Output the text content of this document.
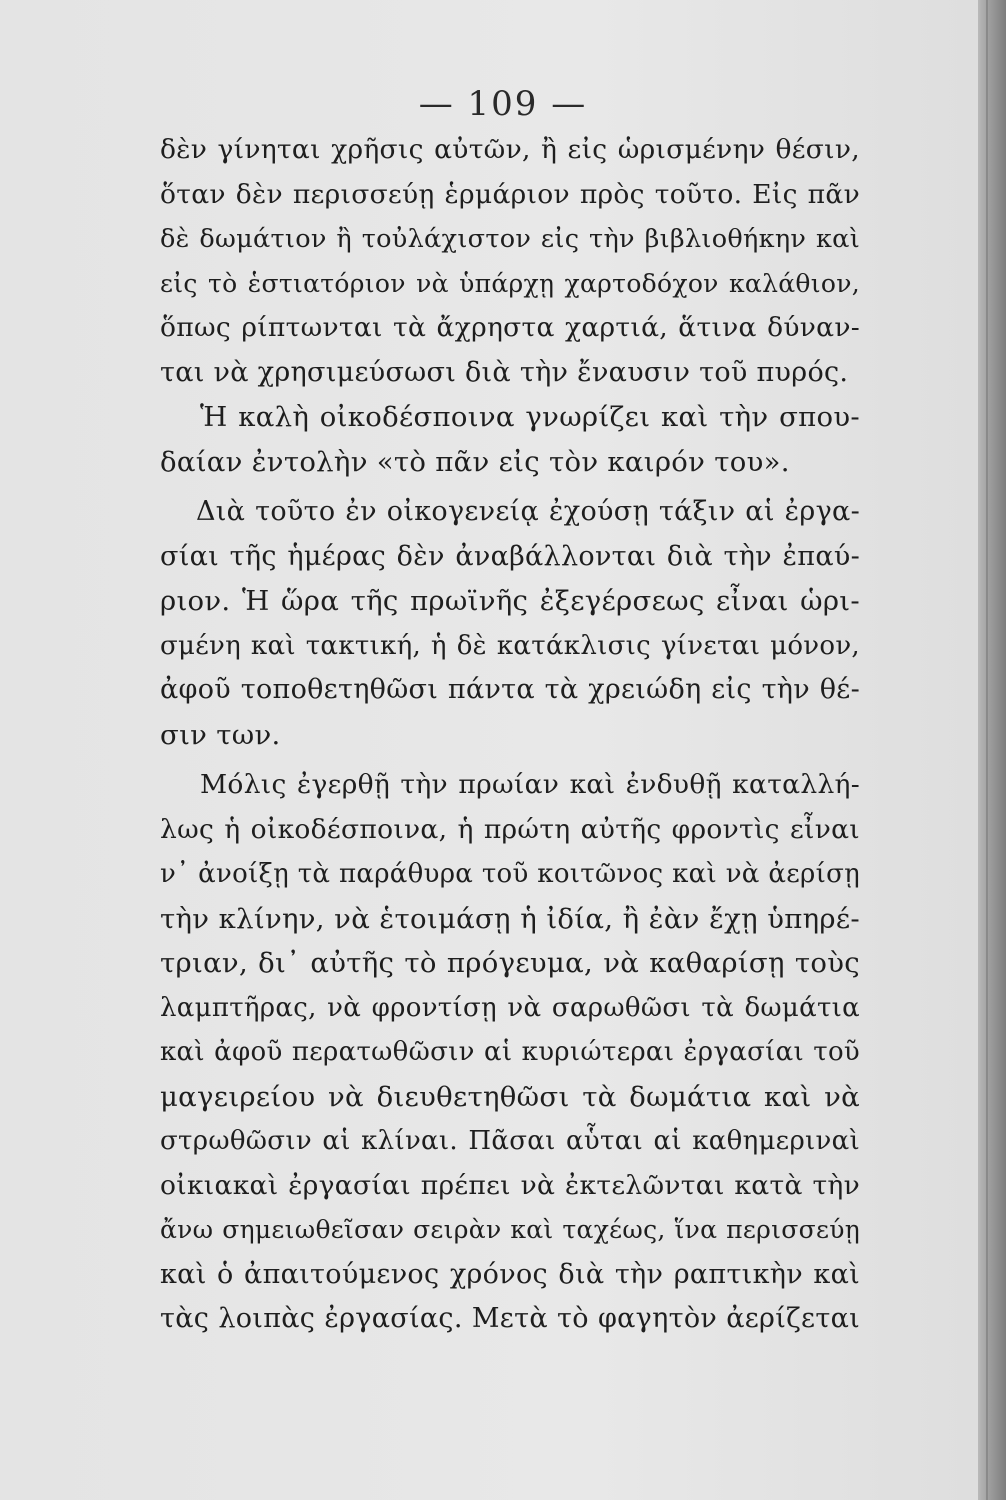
— 109 —
δὲν γίνηται χρῆσις αὐτῶν, ἢ εἰς ὡρισμένην θέσιν,
ὅταν δὲν περισσεύῃ ἑρμάριον πρὸς τοῦτο. Εἰς πᾶν
δὲ δωμάτιον ἢ τοὐλάχιστον εἰς τὴν βιβλιοθήκην καὶ
εἰς τὸ ἑστιατόριον νὰ ὑπάρχῃ χαρτοδόχον καλάθιον,
ὅπως ρίπτωνται τὰ ἄχρηστα χαρτιά, ἅτινα δύναν-
ται νὰ χρησιμεύσωσι διὰ τὴν ἔναυσιν τοῦ πυρός.
Ἡ καλὴ οἰκοδέσποινα γνωρίζει καὶ τὴν σπου-
δαίαν ἐντολὴν «τὸ πᾶν εἰς τὸν καιρόν του».
Διὰ τοῦτο ἐν οἰκογενείᾳ ἐχούσῃ τάξιν αἱ ἐργα-
σίαι τῆς ἡμέρας δὲν ἀναβάλλονται διὰ τὴν ἐπαύ-
ριον. Ἡ ὥρα τῆς πρωϊνῆς ἐξεγέρσεως εἶναι ὡρι-
σμένη καὶ τακτική, ἡ δὲ κατάκλισις γίνεται μόνον,
ἀφοῦ τοποθετηθῶσι πάντα τὰ χρειώδη εἰς τὴν θέ-
σιν των.
Μόλις ἐγερθῇ τὴν πρωίαν καὶ ἐνδυθῇ καταλλή-
λως ἡ οἰκοδέσποινα, ἡ πρώτη αὐτῆς φροντὶς εἶναι
ν᾽ ἀνοίξῃ τὰ παράθυρα τοῦ κοιτῶνος καὶ νὰ ἀερίσῃ
τὴν κλίνην, νὰ ἑτοιμάσῃ ἡ ἰδία, ἢ ἐὰν ἔχῃ ὑπηρέ-
τριαν, δι᾽ αὐτῆς τὸ πρόγευμα, νὰ καθαρίσῃ τοὺς
λαμπτῆρας, νὰ φροντίσῃ νὰ σαρωθῶσι τὰ δωμάτια
καὶ ἀφοῦ περατωθῶσιν αἱ κυριώτεραι ἐργασίαι τοῦ
μαγειρείου νὰ διευθετηθῶσι τὰ δωμάτια καὶ νὰ
στρωθῶσιν αἱ κλίναι. Πᾶσαι αὗται αἱ καθημεριναὶ
οἰκιακαὶ ἐργασίαι πρέπει νὰ ἐκτελῶνται κατὰ τὴν
ἄνω σημειωθεῖσαν σειρὰν καὶ ταχέως, ἵνα περισσεύῃ
καὶ ὁ ἀπαιτούμενος χρόνος διὰ τὴν ραπτικὴν καὶ
τὰς λοιπὰς ἐργασίας. Μετὰ τὸ φαγητὸν ἀερίζεται
